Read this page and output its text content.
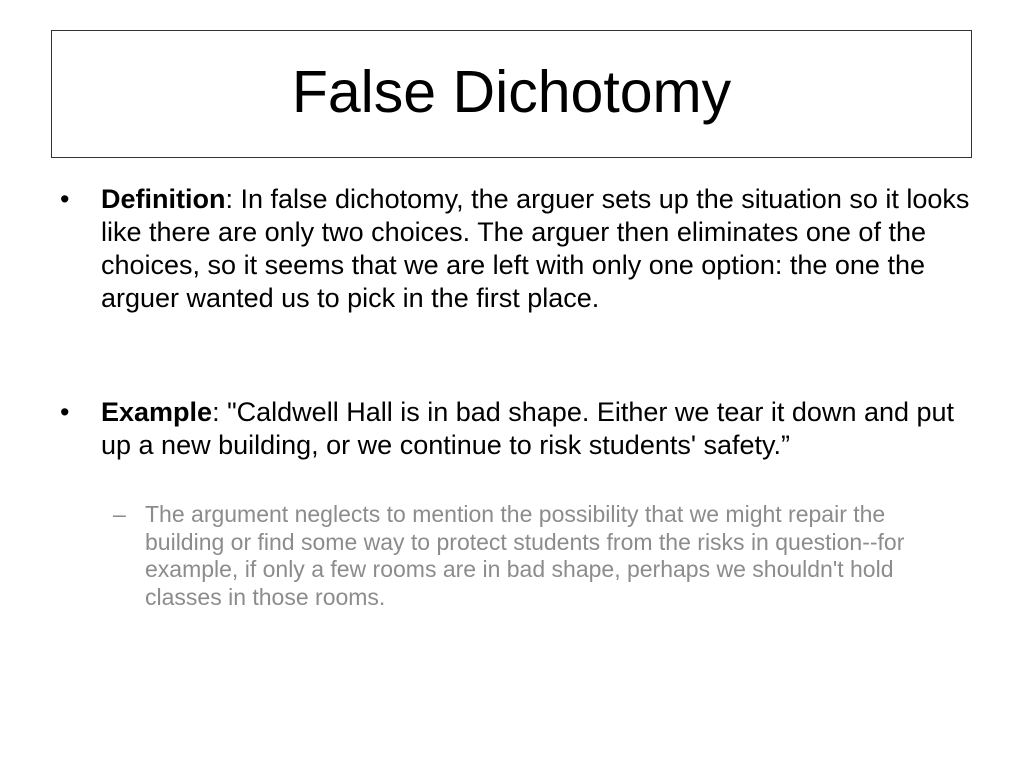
False Dichotomy
• Definition: In false dichotomy, the arguer sets up the situation so it looks like there are only two choices. The arguer then eliminates one of the choices, so it seems that we are left with only one option: the one the arguer wanted us to pick in the first place.
• Example: "Caldwell Hall is in bad shape. Either we tear it down and put up a new building, or we continue to risk students' safety.”
– The argument neglects to mention the possibility that we might repair the building or find some way to protect students from the risks in question--for example, if only a few rooms are in bad shape, perhaps we shouldn't hold classes in those rooms.
